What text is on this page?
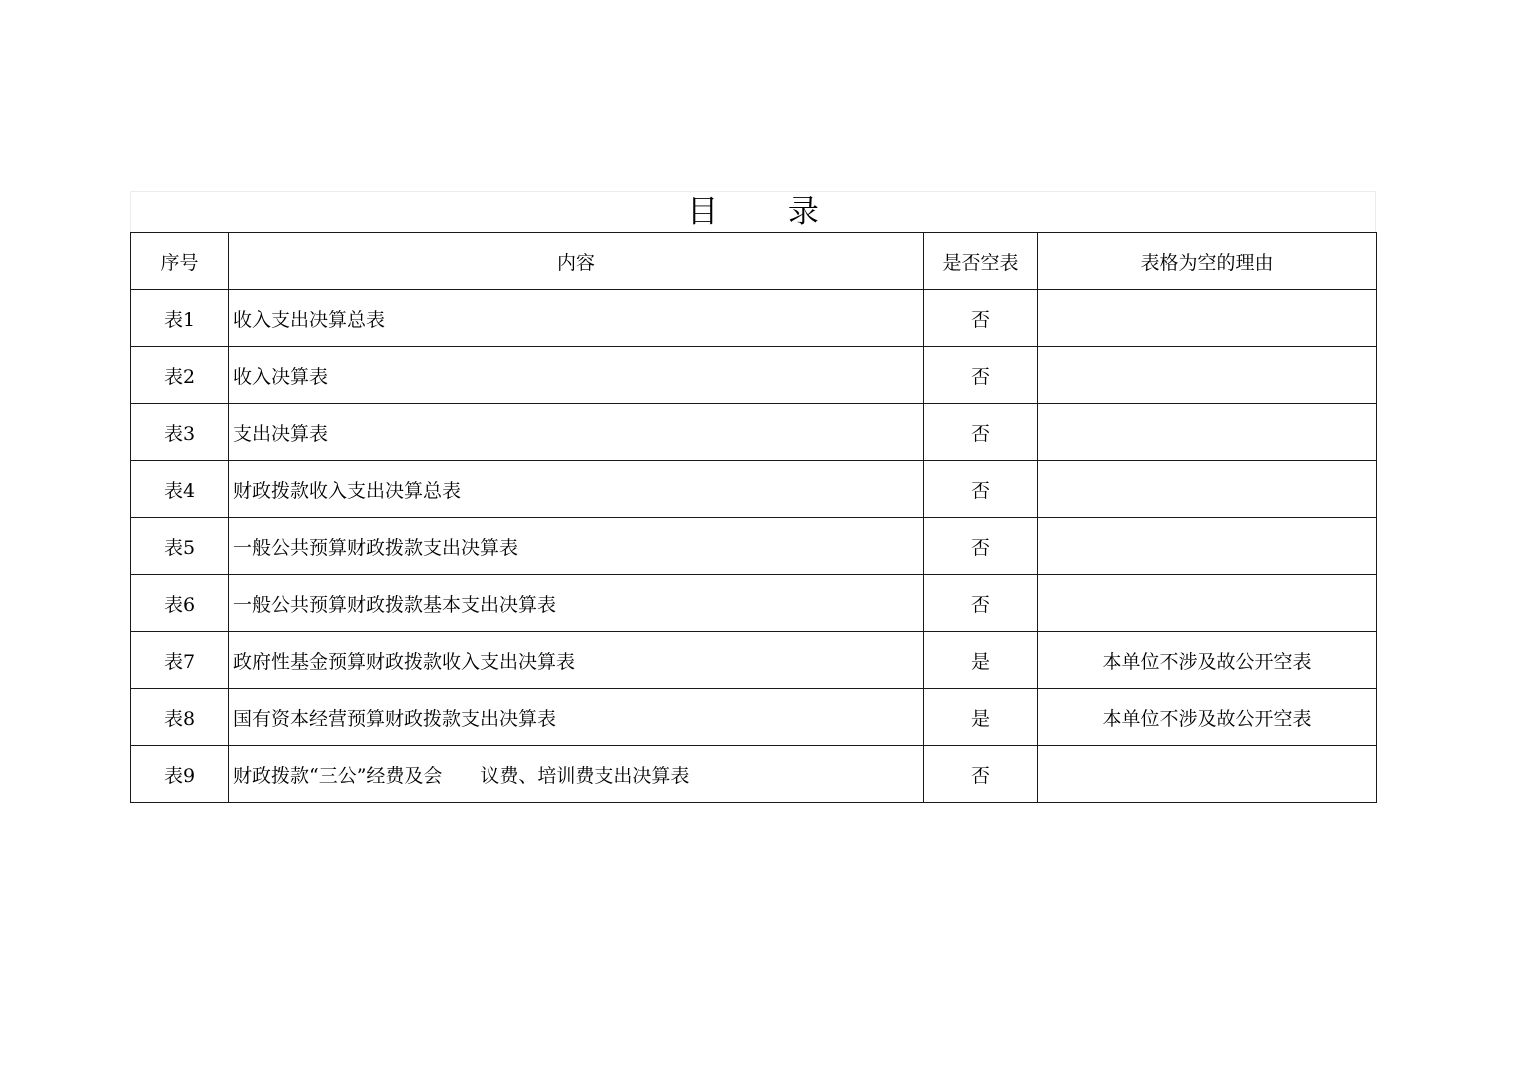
目 录
序号	内容	是否空表	表格为空的理由
表1	收入支出决算总表	否	
表2	收入决算表	否	
表3	支出决算表	否	
表4	财政拨款收入支出决算总表	否	
表5	一般公共预算财政拨款支出决算表	否	
表6	一般公共预算财政拨款基本支出决算表	否	
表7	政府性基金预算财政拨款收入支出决算表	是	本单位不涉及故公开空表
表8	国有资本经营预算财政拨款支出决算表	是	本单位不涉及故公开空表
表9	财政拨款“三公”经费及会　　议费、培训费支出决算表	否	
